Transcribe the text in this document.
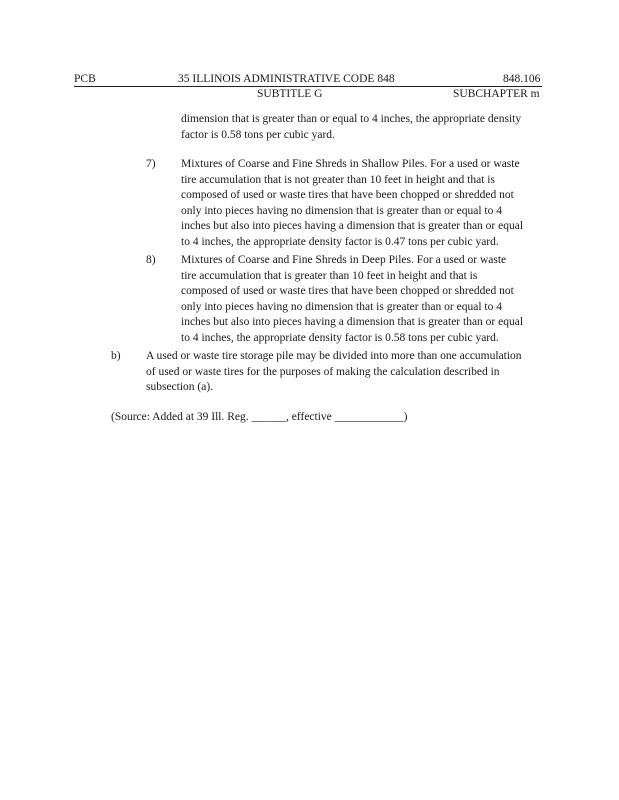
PCB	35 ILLINOIS ADMINISTRATIVE CODE 848	848.106
SUBTITLE G	SUBCHAPTER m
dimension that is greater than or equal to 4 inches, the appropriate density
factor is 0.58 tons per cubic yard.
7) Mixtures of Coarse and Fine Shreds in Shallow Piles. For a used or waste
tire accumulation that is not greater than 10 feet in height and that is
composed of used or waste tires that have been chopped or shredded not
only into pieces having no dimension that is greater than or equal to 4
inches but also into pieces having a dimension that is greater than or equal
to 4 inches, the appropriate density factor is 0.47 tons per cubic yard.
8) Mixtures of Coarse and Fine Shreds in Deep Piles. For a used or waste
tire accumulation that is greater than 10 feet in height and that is
composed of used or waste tires that have been chopped or shredded not
only into pieces having no dimension that is greater than or equal to 4
inches but also into pieces having a dimension that is greater than or equal
to 4 inches, the appropriate density factor is 0.58 tons per cubic yard.
b) A used or waste tire storage pile may be divided into more than one accumulation
of used or waste tires for the purposes of making the calculation described in
subsection (a).
(Source: Added at 39 Ill. Reg. ______, effective ____________)
